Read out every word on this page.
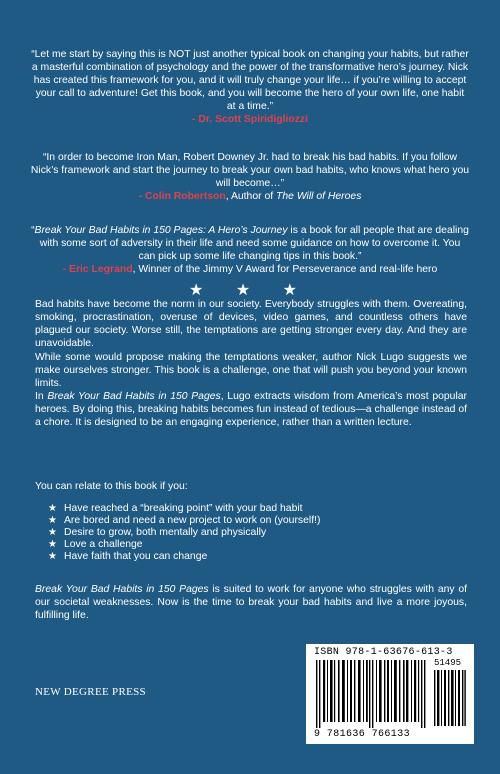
“Let me start by saying this is NOT just another typical book on changing your habits, but rather a masterful combination of psychology and the power of the transformative hero’s journey. Nick has created this framework for you, and it will truly change your life… if you’re willing to accept your call to adventure! Get this book, and you will become the hero of your own life, one habit at a time.”
- Dr. Scott Spiridigliozzi
“In order to become Iron Man, Robert Downey Jr. had to break his bad habits. If you follow Nick’s framework and start the journey to break your own bad habits, who knows what hero you will become…”
- Colin Robertson, Author of The Will of Heroes
“Break Your Bad Habits in 150 Pages: A Hero’s Journey is a book for all people that are dealing with some sort of adversity in their life and need some guidance on how to overcome it. You can pick up some life changing tips in this book.”
- Eric Legrand, Winner of the Jimmy V Award for Perseverance and real-life hero
★ ★ ★
Bad habits have become the norm in our society. Everybody struggles with them. Overeating, smoking, procrastination, overuse of devices, video games, and countless others have plagued our society. Worse still, the temptations are getting stronger every day. And they are unavoidable.
While some would propose making the temptations weaker, author Nick Lugo suggests we make ourselves stronger. This book is a challenge, one that will push you beyond your known limits.
In Break Your Bad Habits in 150 Pages, Lugo extracts wisdom from America’s most popular heroes. By doing this, breaking habits becomes fun instead of tedious—a challenge instead of a chore. It is designed to be an engaging experience, rather than a written lecture.
You can relate to this book if you:
★ Have reached a “breaking point” with your bad habit
★ Are bored and need a new project to work on (yourself!)
★ Desire to grow, both mentally and physically
★ Love a challenge
★ Have faith that you can change
Break Your Bad Habits in 150 Pages is suited to work for anyone who struggles with any of our societal weaknesses. Now is the time to break your bad habits and live a more joyous, fulfilling life.
NEW DEGREE PRESS
ISBN 978-1-63676-613-3
51495
9 781636 766133
